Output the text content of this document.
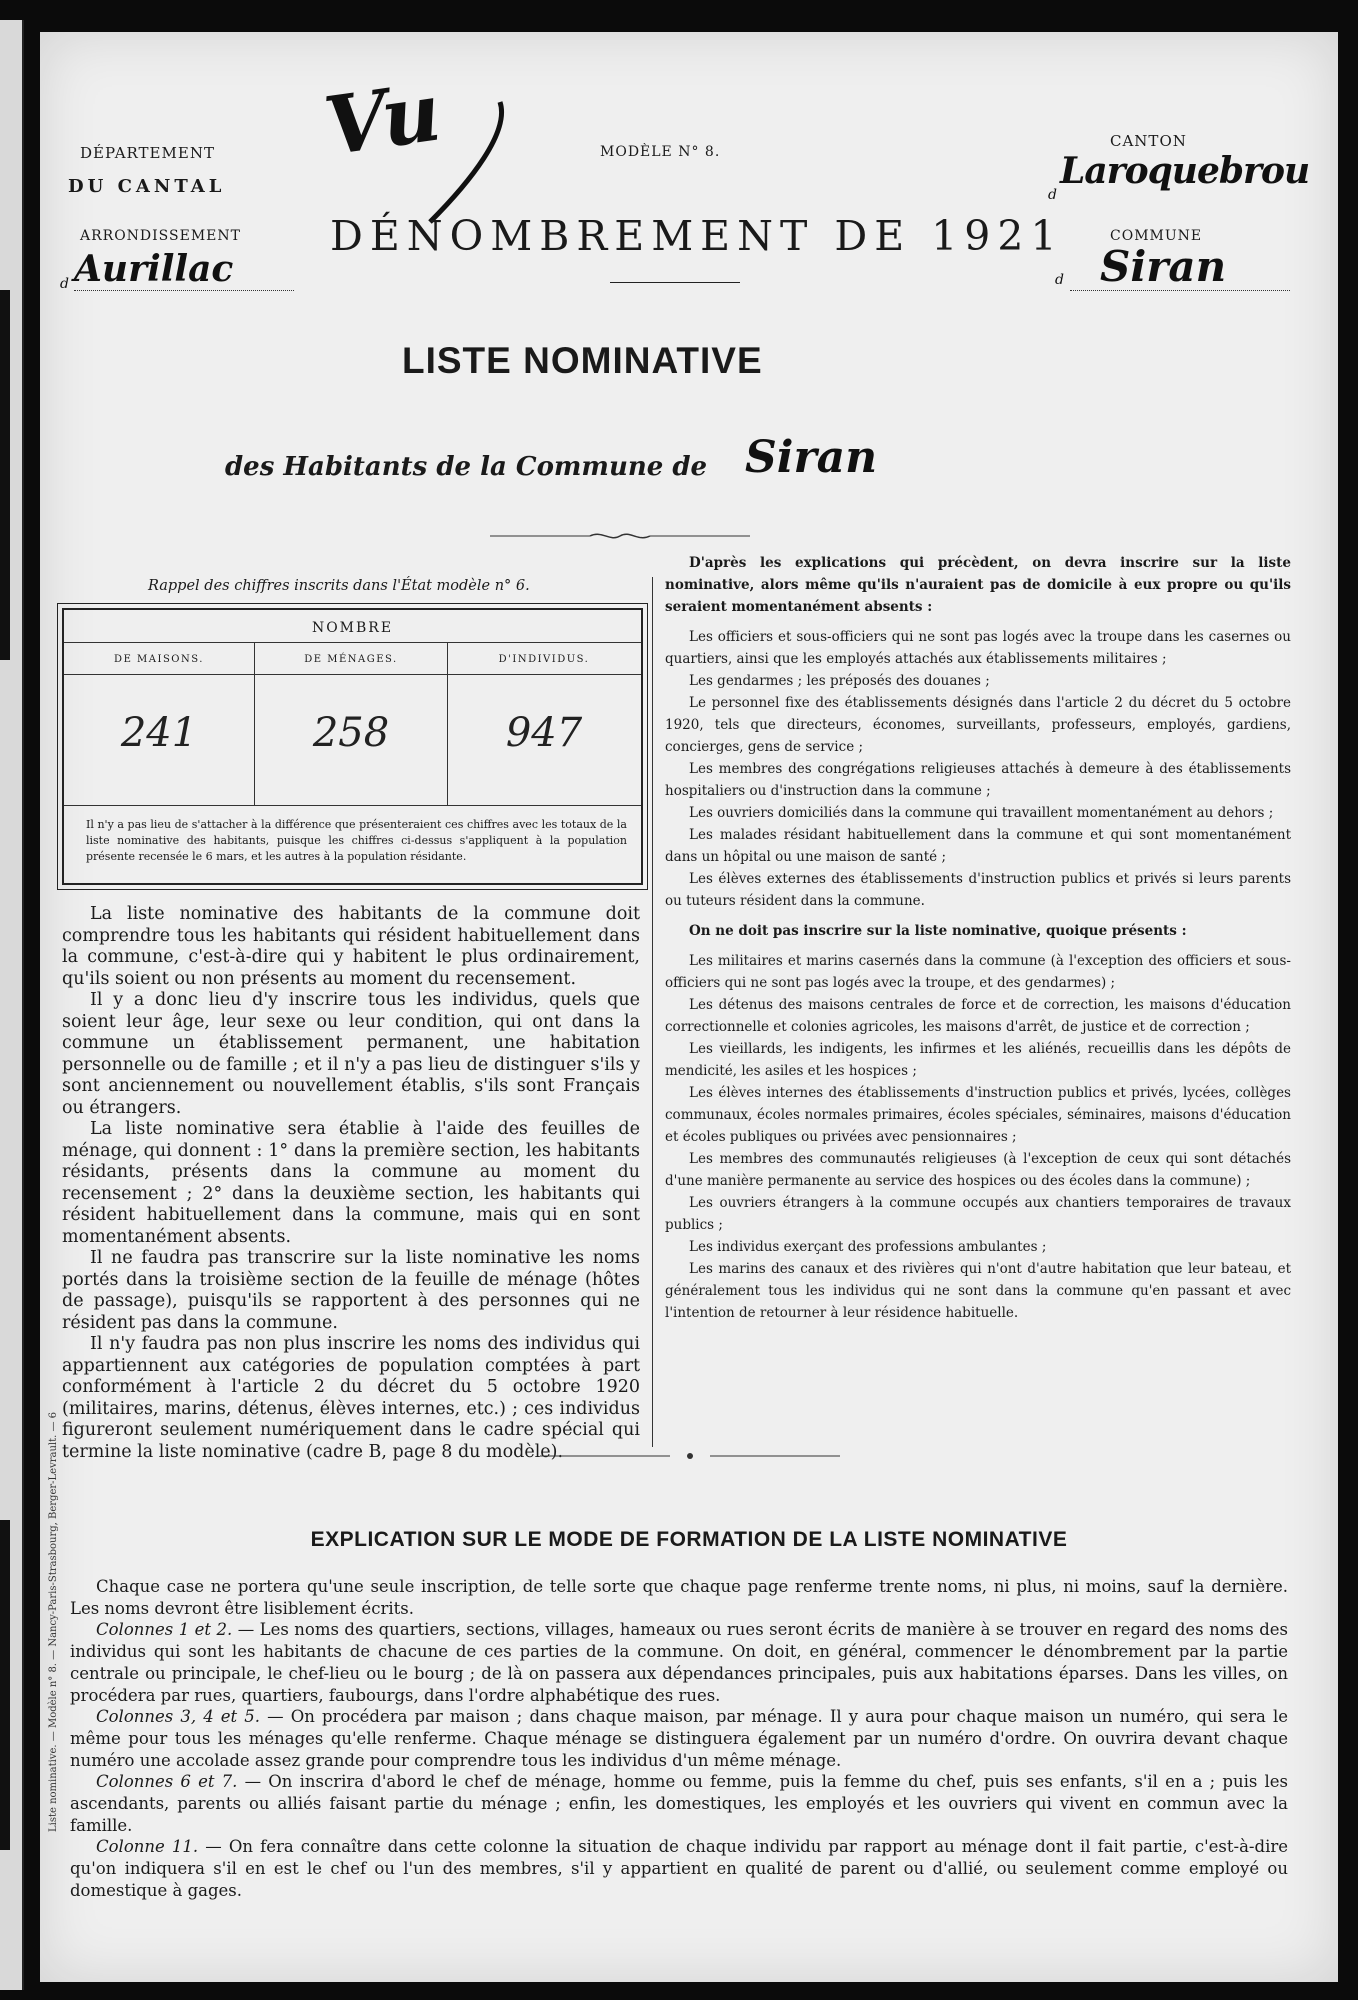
DÉPARTEMENT
DU CANTAL
ARRONDISSEMENT
d Aurillac
Vu	MODÈLE N° 8.
DÉNOMBREMENT DE 1921
CANTON
d
Laroquebrou
COMMUNE
d Siran
LISTE NOMINATIVE
des Habitants de la Commune de Siran
Rappel des chiffres inscrits dans l'État modèle n° 6.
NOMBRE
DE MAISONS.	DE MÉNAGES.	D'INDIVIDUS.
241	258	947
Il n'y a pas lieu de s'attacher à la différence que présenteraient ces chiffres avec les totaux de la liste nominative des habitants, puisque les chiffres ci-dessus s'appliquent à la population présente recensée le 6 mars, et les autres à la population résidante.

La liste nominative des habitants de la commune doit comprendre tous les habitants qui résident habituellement dans la commune, c'est-à-dire qui y habitent le plus ordinairement, qu'ils soient ou non présents au moment du recensement.

Il y a donc lieu d'y inscrire tous les individus, quels que soient leur âge, leur sexe ou leur condition, qui ont dans la commune un établissement permanent, une habitation personnelle ou de famille ; et il n'y a pas lieu de distinguer s'ils y sont anciennement ou nouvellement établis, s'ils sont Français ou étrangers.

La liste nominative sera établie à l'aide des feuilles de ménage, qui donnent : 1° dans la première section, les habitants résidants, présents dans la commune au moment du recensement ; 2° dans la deuxième section, les habitants qui résident habituellement dans la commune, mais qui en sont momentanément absents.

Il ne faudra pas transcrire sur la liste nominative les noms portés dans la troisième section de la feuille de ménage (hôtes de passage), puisqu'ils se rapportent à des personnes qui ne résident pas dans la commune.

Il n'y faudra pas non plus inscrire les noms des individus qui appartiennent aux catégories de population comptées à part conformément à l'article 2 du décret du 5 octobre 1920 (militaires, marins, détenus, élèves internes, etc.) ; ces individus figureront seulement numériquement dans le cadre spécial qui termine la liste nominative (cadre B, page 8 du modèle).

D'après les explications qui précèdent, on devra inscrire sur la liste nominative, alors même qu'ils n'auraient pas de domicile à eux propre ou qu'ils seraient momentanément absents :

Les officiers et sous-officiers qui ne sont pas logés avec la troupe dans les casernes ou quartiers, ainsi que les employés attachés aux établissements militaires ;

Les gendarmes ; les préposés des douanes ;

Le personnel fixe des établissements désignés dans l'article 2 du décret du 5 octobre 1920, tels que directeurs, économes, surveillants, professeurs, employés, gardiens, concierges, gens de service ;

Les membres des congrégations religieuses attachés à demeure à des établissements hospitaliers ou d'instruction dans la commune ;

Les ouvriers domiciliés dans la commune qui travaillent momentanément au dehors ;

Les malades résidant habituellement dans la commune et qui sont momentanément dans un hôpital ou une maison de santé ;

Les élèves externes des établissements d'instruction publics et privés si leurs parents ou tuteurs résident dans la commune.

On ne doit pas inscrire sur la liste nominative, quoique présents :

Les militaires et marins casernés dans la commune (à l'exception des officiers et sous-officiers qui ne sont pas logés avec la troupe, et des gendarmes) ;

Les détenus des maisons centrales de force et de correction, les maisons d'éducation correctionnelle et colonies agricoles, les maisons d'arrêt, de justice et de correction ;

Les vieillards, les indigents, les infirmes et les aliénés, recueillis dans les dépôts de mendicité, les asiles et les hospices ;

Les élèves internes des établissements d'instruction publics et privés, lycées, collèges communaux, écoles normales primaires, écoles spéciales, séminaires, maisons d'éducation et écoles publiques ou privées avec pensionnaires ;

Les membres des communautés religieuses (à l'exception de ceux qui sont détachés d'une manière permanente au service des hospices ou des écoles dans la commune) ;

Les ouvriers étrangers à la commune occupés aux chantiers temporaires de travaux publics ;

Les individus exerçant des professions ambulantes ;

Les marins des canaux et des rivières qui n'ont d'autre habitation que leur bateau, et généralement tous les individus qui ne sont dans la commune qu'en passant et avec l'intention de retourner à leur résidence habituelle.

EXPLICATION SUR LE MODE DE FORMATION DE LA LISTE NOMINATIVE

Chaque case ne portera qu'une seule inscription, de telle sorte que chaque page renferme trente noms, ni plus, ni moins, sauf la dernière. Les noms devront être lisiblement écrits.

Colonnes 1 et 2. — Les noms des quartiers, sections, villages, hameaux ou rues seront écrits de manière à se trouver en regard des noms des individus qui sont les habitants de chacune de ces parties de la commune. On doit, en général, commencer le dénombrement par la partie centrale ou principale, le chef-lieu ou le bourg ; de là on passera aux dépendances principales, puis aux habitations éparses. Dans les villes, on procédera par rues, quartiers, faubourgs, dans l'ordre alphabétique des rues.

Colonnes 3, 4 et 5. — On procédera par maison ; dans chaque maison, par ménage. Il y aura pour chaque maison un numéro, qui sera le même pour tous les ménages qu'elle renferme. Chaque ménage se distinguera également par un numéro d'ordre. On ouvrira devant chaque numéro une accolade assez grande pour comprendre tous les individus d'un même ménage.

Colonnes 6 et 7. — On inscrira d'abord le chef de ménage, homme ou femme, puis la femme du chef, puis ses enfants, s'il en a ; puis les ascendants, parents ou alliés faisant partie du ménage ; enfin, les domestiques, les employés et les ouvriers qui vivent en commun avec la famille.

Colonne 11. — On fera connaître dans cette colonne la situation de chaque individu par rapport au ménage dont il fait partie, c'est-à-dire qu'on indiquera s'il en est le chef ou l'un des membres, s'il y appartient en qualité de parent ou d'allié, ou seulement comme employé ou domestique à gages.

Liste nominative. — Modèle n° 8. — Nancy-Paris-Strasbourg, Berger-Levrault. — 6
